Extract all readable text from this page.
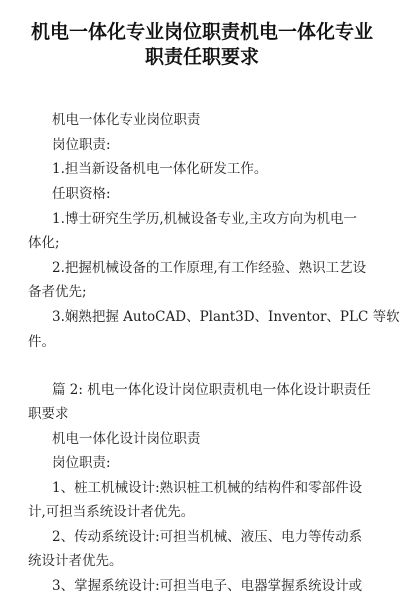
机电一体化专业岗位职责机电一体化专业
职责任职要求
机电一体化专业岗位职责
岗位职责:
1.担当新设备机电一体化研发工作。
任职资格:
1.博士研究生学历,机械设备专业,主攻方向为机电一
体化;
2.把握机械设备的工作原理,有工作经验、熟识工艺设
备者优先;
3.娴熟把握 AutoCAD、Plant3D、Inventor、PLC 等软
件。
篇 2: 机电一体化设计岗位职责机电一体化设计职责任
职要求
机电一体化设计岗位职责
岗位职责:
1、桩工机械设计:熟识桩工机械的结构件和零部件设
计,可担当系统设计者优先。
2、传动系统设计:可担当机械、液压、电力等传动系
统设计者优先。
3、掌握系统设计:可担当电子、电器掌握系统设计或
